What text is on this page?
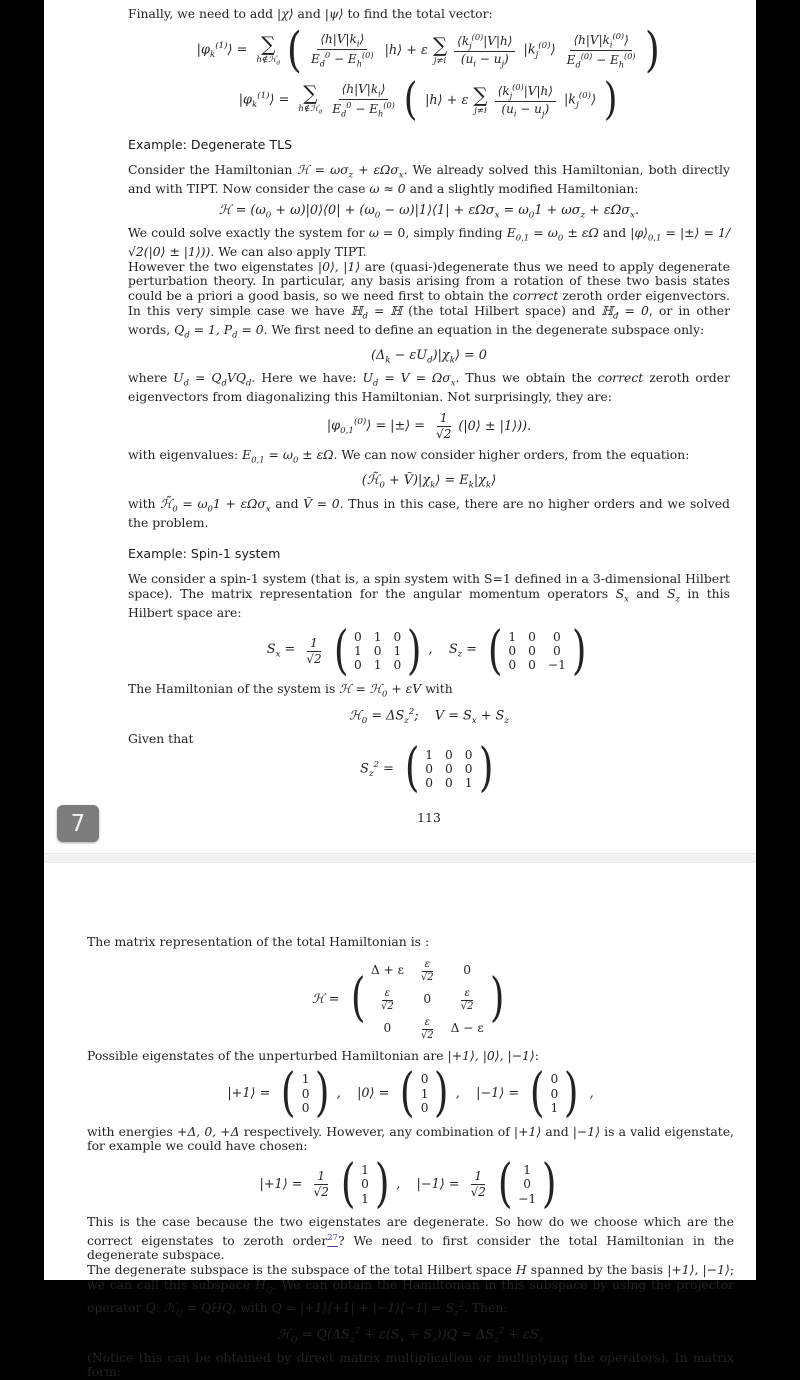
Finally, we need to add |χ⟩ and |ψ⟩ to find the total vector:
$|\varphi_k^{(1)}⟩$ = ∑
h∉ℋ$_d$ ( $\frac{⟨h|V|k_i⟩}{E_d^0 - E_h^{(0)}}$ |h⟩ + ε ∑
$j\ne i \frac{⟨k_j^{(0)}|V|h⟩}{(u_i - u_j)}$ $|k_j^{(0)}⟩ \frac{⟨h|V|k_i^{(0)}⟩}{E_d^{(0)} - E_h^{(0)}}$ )
$|\varphi_k^{(1)}⟩$ = ∑
h∉ℋ$_d$ $\frac{⟨h|V|k_i⟩}{E_d^0 - E_h^{(0)}}$ ( |h⟩ + ε ∑
$j\ne i \frac{⟨k_j^{(0)}|V|h⟩}{(u_i - u_j)}$ $|k_j^{(0)}⟩$ )
Example: Degenerate TLS
Consider the Hamiltonian ℋ = $\omega\sigma_z + \varepsilon\Omega\sigma_x$. We already solved this Hamiltonian, both directly and with TIPT. Now consider the case ω ≈ 0 and a slightly modified Hamiltonian:
ℋ = ($\omega_0$ + ω)|0⟩⟨0| + ($\omega_0$ − ω)|1⟩⟨1| + $\varepsilon\Omega\sigma_x = \omega_01 + \omega\sigma_z + \varepsilon\Omega\sigma_x$.
We could solve exactly the system for ω = 0, simply finding $E_{0,1} = \omega_0 \pm \varepsilon\Omega$ and $|\varphi⟩_{0,1}$ = |±⟩ = 1/√2(|0⟩ ± |1⟩)). We can also apply TIPT.
However the two eigenstates |0⟩, |1⟩ are (quasi-)degenerate thus we need to apply degenerate perturbation theory. In particular, any basis arising from a rotation of these two basis states could be a priori a good basis, so we need first to obtain the correct zeroth order eigenvectors. In this very simple case we have ℍ$_d$ = ℍ (the total Hilbert space) and ℍ$_đ$ = 0, or in other words, $Q_d = 1$, $P_d = 0$. We first need to define an equation in the degenerate subspace only:
($\Delta_k$ − $\varepsilon U_d)|\chi_k⟩ = 0$
where $U_d = Q_dVQ_d$. Here we have: $U_d = V = \Omega\sigma_x$. Thus we obtain the correct zeroth order eigenvectors from diagonalizing this Hamiltonian. Not surprisingly, they are:
$|\varphi_{0,1}^{(0)}⟩$ = |±⟩ = $\frac{1}{√2}$ (|0⟩ ± |1⟩)).
with eigenvalues: $E_{0,1} = \omega_0 \pm \varepsilon\Omega$. We can now consider higher orders, from the equation:
($ℋ̃_0$ + $Ṽ)|\chi_k⟩$ = $E_k|\chi_k⟩$
with $ℋ̃_0 = \omega_01 + \varepsilon\Omega\sigma_x$ and Ṽ = 0. Thus in this case, there are no higher orders and we solved the problem.
Example: Spin-1 system
We consider a spin-1 system (that is, a spin system with S=1 defined in a 3-dimensional Hilbert space). The matrix representation for the angular momentum operators $S_x$ and $S_z$ in this Hilbert space are:
$S_x = \frac{1}{√2}$ ( 0 1 0
1 0 1
0 1 0 ) ,    $S_z$ = ( 1 0 0
0 0 0
0 0 −1 )
The Hamiltonian of the system is ℋ = ℋ$_0$ + εV with
ℋ$_0$ = $\Delta S_z^2$;    $V = S_x + S_z$
Given that
$S_z^2$ = ( 1 0 0
0 0 0
0 0 1 )
113
The matrix representation of the total Hamiltonian is :
ℋ = ( Δ + ε $\frac{\varepsilon}{√2} 0$
$\frac{\varepsilon}{√2} 0$	$\frac{\varepsilon}{√2}$
0	$\frac{\varepsilon}{√2}$ Δ − ε )
Possible eigenstates of the unperturbed Hamiltonian are |+1⟩, |0⟩, |−1⟩:
|+1⟩ = ( 1
0
0 ) ,    |0⟩ = ( 0
1
0 ) ,    |−1⟩ = ( 0
0
1 ) ,
with energies +Δ, 0, +Δ respectively. However, any combination of |+1⟩ and |−1⟩ is a valid eigenstate, for example we could have chosen:
|+1⟩ = $\frac{1}{√2}$ ( 1
0
1 ) ,    |−1⟩ = $\frac{1}{√2}$ ( 1
0
−1 )
This is the case because the two eigenstates are degenerate. So how do we choose which are the correct eigenstates to zeroth order$^{27}$? We need to first consider the total Hamiltonian in the degenerate subspace.
The degenerate subspace is the subspace of the total Hilbert space H spanned by the basis |+1⟩, |−1⟩; we can call this subspace $H_Q$. We can obtain the Hamiltonian in this subspace by using the projector operator Q: ℋ$_Q$ = QHQ, with Q = |+1⟩⟨+1| + |−1⟩⟨−1| = $S_z^2$. Then:
ℋ$_Q$ = $Q(\Delta S_z^2 + \varepsilon(S_x + S_z))Q = \Delta S_z^2 + \varepsilon S_z$
(Notice this can be obtained by direct matrix multiplication or multiplying the operators). In matrix form:
7
